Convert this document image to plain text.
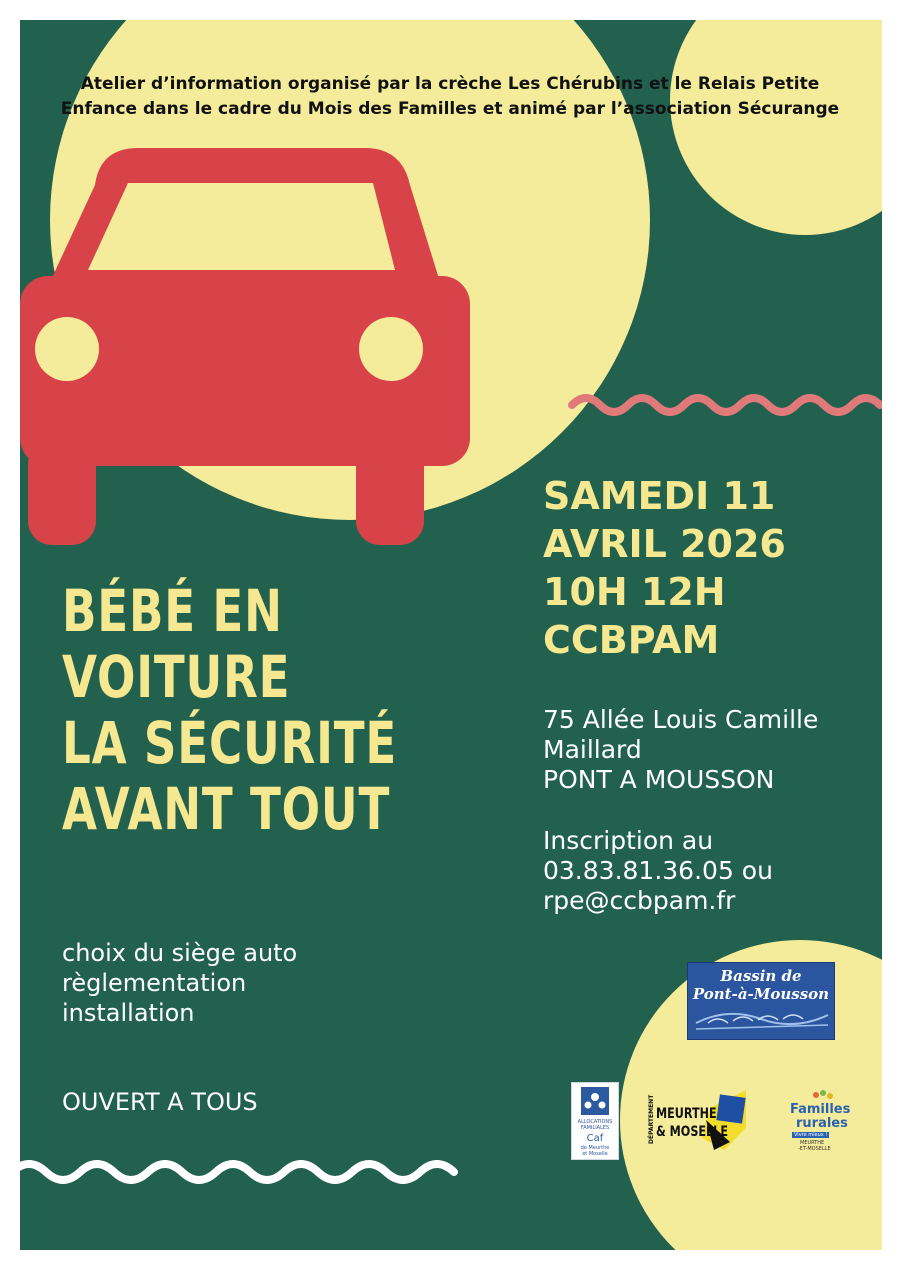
Atelier d’information organisé par la crèche Les Chérubins et le Relais Petite
Enfance dans le cadre du Mois des Familles et animé par l’association Sécurange
BÉBÉ EN
VOITURE
LA SÉCURITÉ
AVANT TOUT
SAMEDI 11
AVRIL 2026
10H 12H
CCBPAM
75 Allée Louis Camille
Maillard
PONT A MOUSSON
Inscription au
03.83.81.36.05 ou
rpe@ccbpam.fr
choix du siège auto
règlementation
installation
OUVERT A TOUS
Bassin de
Pont-à-Mousson
ALLOCATIONS
FAMILIALES
Caf
de Meurthe
et Moselle
DÉPARTEMENT MEURTHE
& MOSELLE
Familles
rurales
Vivre mieux !
MEURTHE
-ET-MOSELLE
